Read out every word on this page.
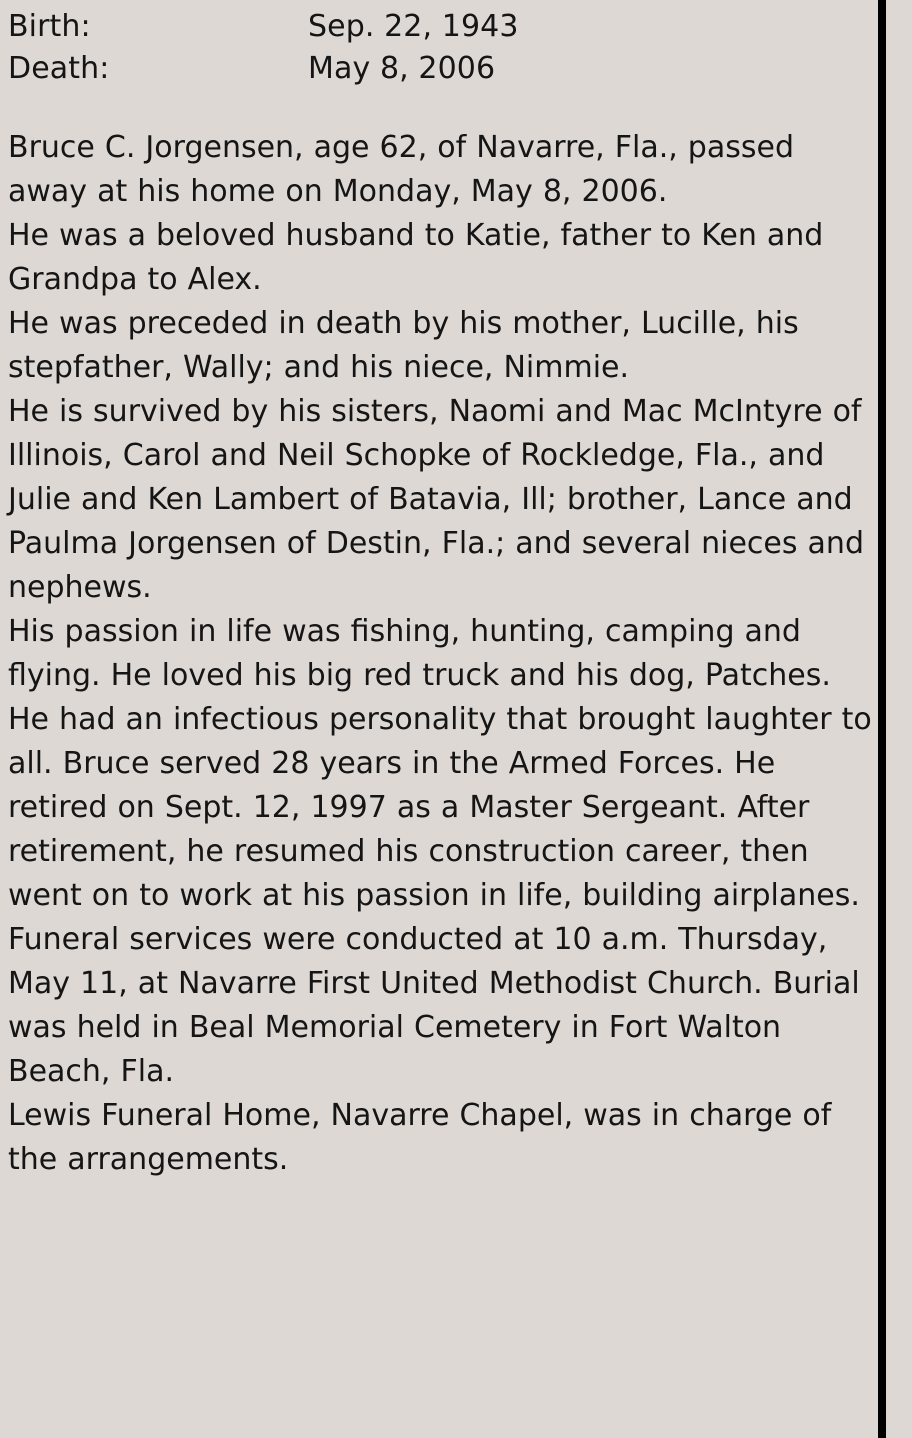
Birth:	Sep. 22, 1943
Death:	May 8, 2006

Bruce C. Jorgensen, age 62, of Navarre, Fla., passed away at his home on Monday, May 8, 2006.

He was a beloved husband to Katie, father to Ken and Grandpa to Alex.

He was preceded in death by his mother, Lucille, his stepfather, Wally; and his niece, Nimmie.

He is survived by his sisters, Naomi and Mac McIntyre of Illinois, Carol and Neil Schopke of Rockledge, Fla., and Julie and Ken Lambert of Batavia, Ill; brother, Lance and Paulma Jorgensen of Destin, Fla.; and several nieces and nephews.

His passion in life was fishing, hunting, camping and flying. He loved his big red truck and his dog, Patches. He had an infectious personality that brought laughter to all. Bruce served 28 years in the Armed Forces. He retired on Sept. 12, 1997 as a Master Sergeant. After retirement, he resumed his construction career, then went on to work at his passion in life, building airplanes.

Funeral services were conducted at 10 a.m. Thursday, May 11, at Navarre First United Methodist Church. Burial was held in Beal Memorial Cemetery in Fort Walton Beach, Fla.

Lewis Funeral Home, Navarre Chapel, was in charge of the arrangements.
